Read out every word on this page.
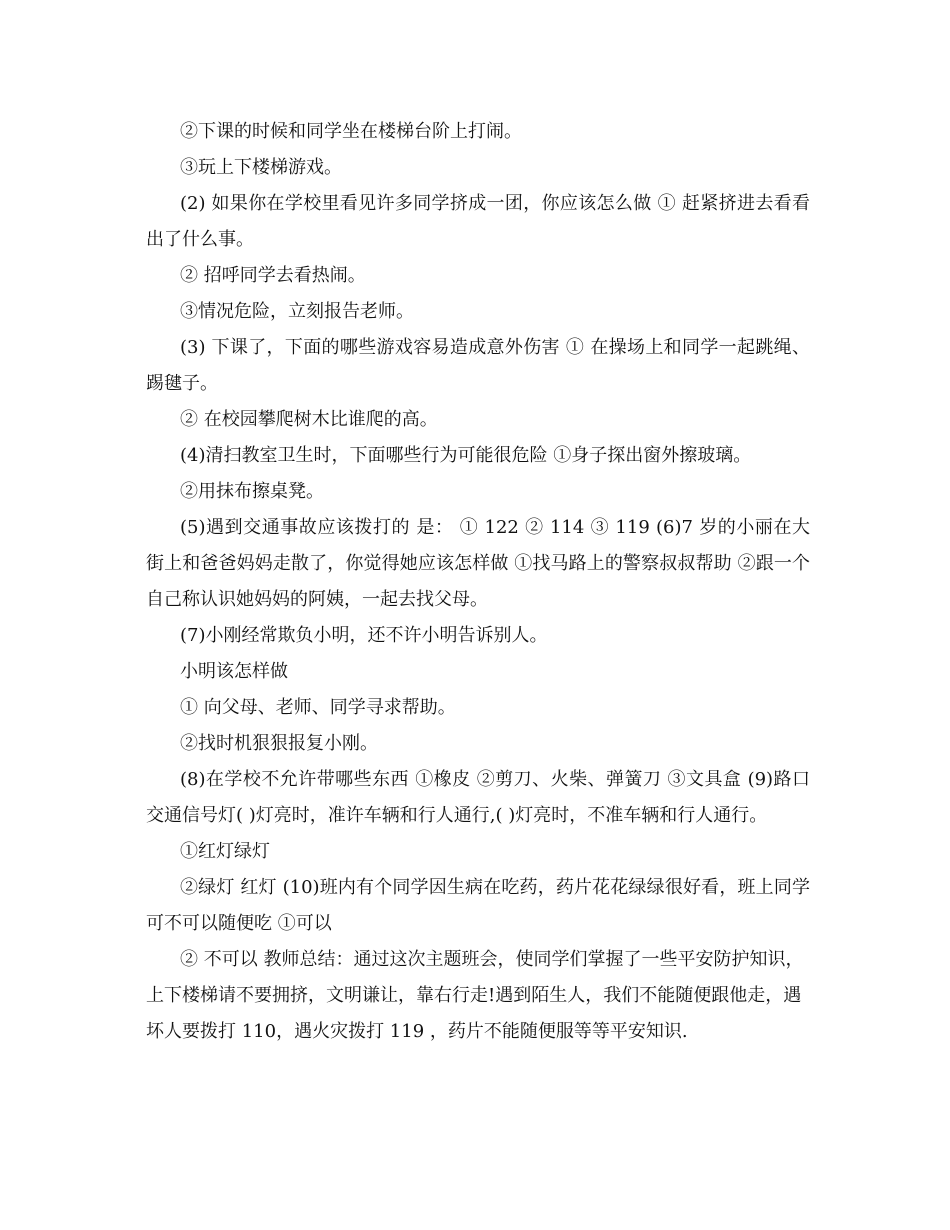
②下课的时候和同学坐在楼梯台阶上打闹。

③玩上下楼梯游戏。

(2) 如果你在学校里看见许多同学挤成一团，你应该怎么做 ① 赶紧挤进去看看出了什么事。

② 招呼同学去看热闹。

③情况危险，立刻报告老师。

(3) 下课了，下面的哪些游戏容易造成意外伤害 ① 在操场上和同学一起跳绳、踢毽子。

② 在校园攀爬树木比谁爬的高。

(4)清扫教室卫生时，下面哪些行为可能很危险 ①身子探出窗外擦玻璃。

②用抹布擦桌凳。

(5)遇到交通事故应该拨打的 是： ① 122 ② 114 ③ 119 (6)7 岁的小丽在大街上和爸爸妈妈走散了，你觉得她应该怎样做 ①找马路上的警察叔叔帮助 ②跟一个自己称认识她妈妈的阿姨，一起去找父母。

(7)小刚经常欺负小明，还不许小明告诉别人。

小明该怎样做

① 向父母、老师、同学寻求帮助。

②找时机狠狠报复小刚。

(8)在学校不允许带哪些东西 ①橡皮 ②剪刀、火柴、弹簧刀 ③文具盒 (9)路口交通信号灯( )灯亮时，准许车辆和行人通行,( )灯亮时，不准车辆和行人通行。

①红灯绿灯

②绿灯 红灯 (10)班内有个同学因生病在吃药，药片花花绿绿很好看，班上同学可不可以随便吃 ①可以

② 不可以 教师总结：通过这次主题班会，使同学们掌握了一些平安防护知识，上下楼梯请不要拥挤，文明谦让，靠右行走!遇到陌生人，我们不能随便跟他走，遇坏人要拨打 110，遇火灾拨打 119 ，药片不能随便服等等平安知识.
